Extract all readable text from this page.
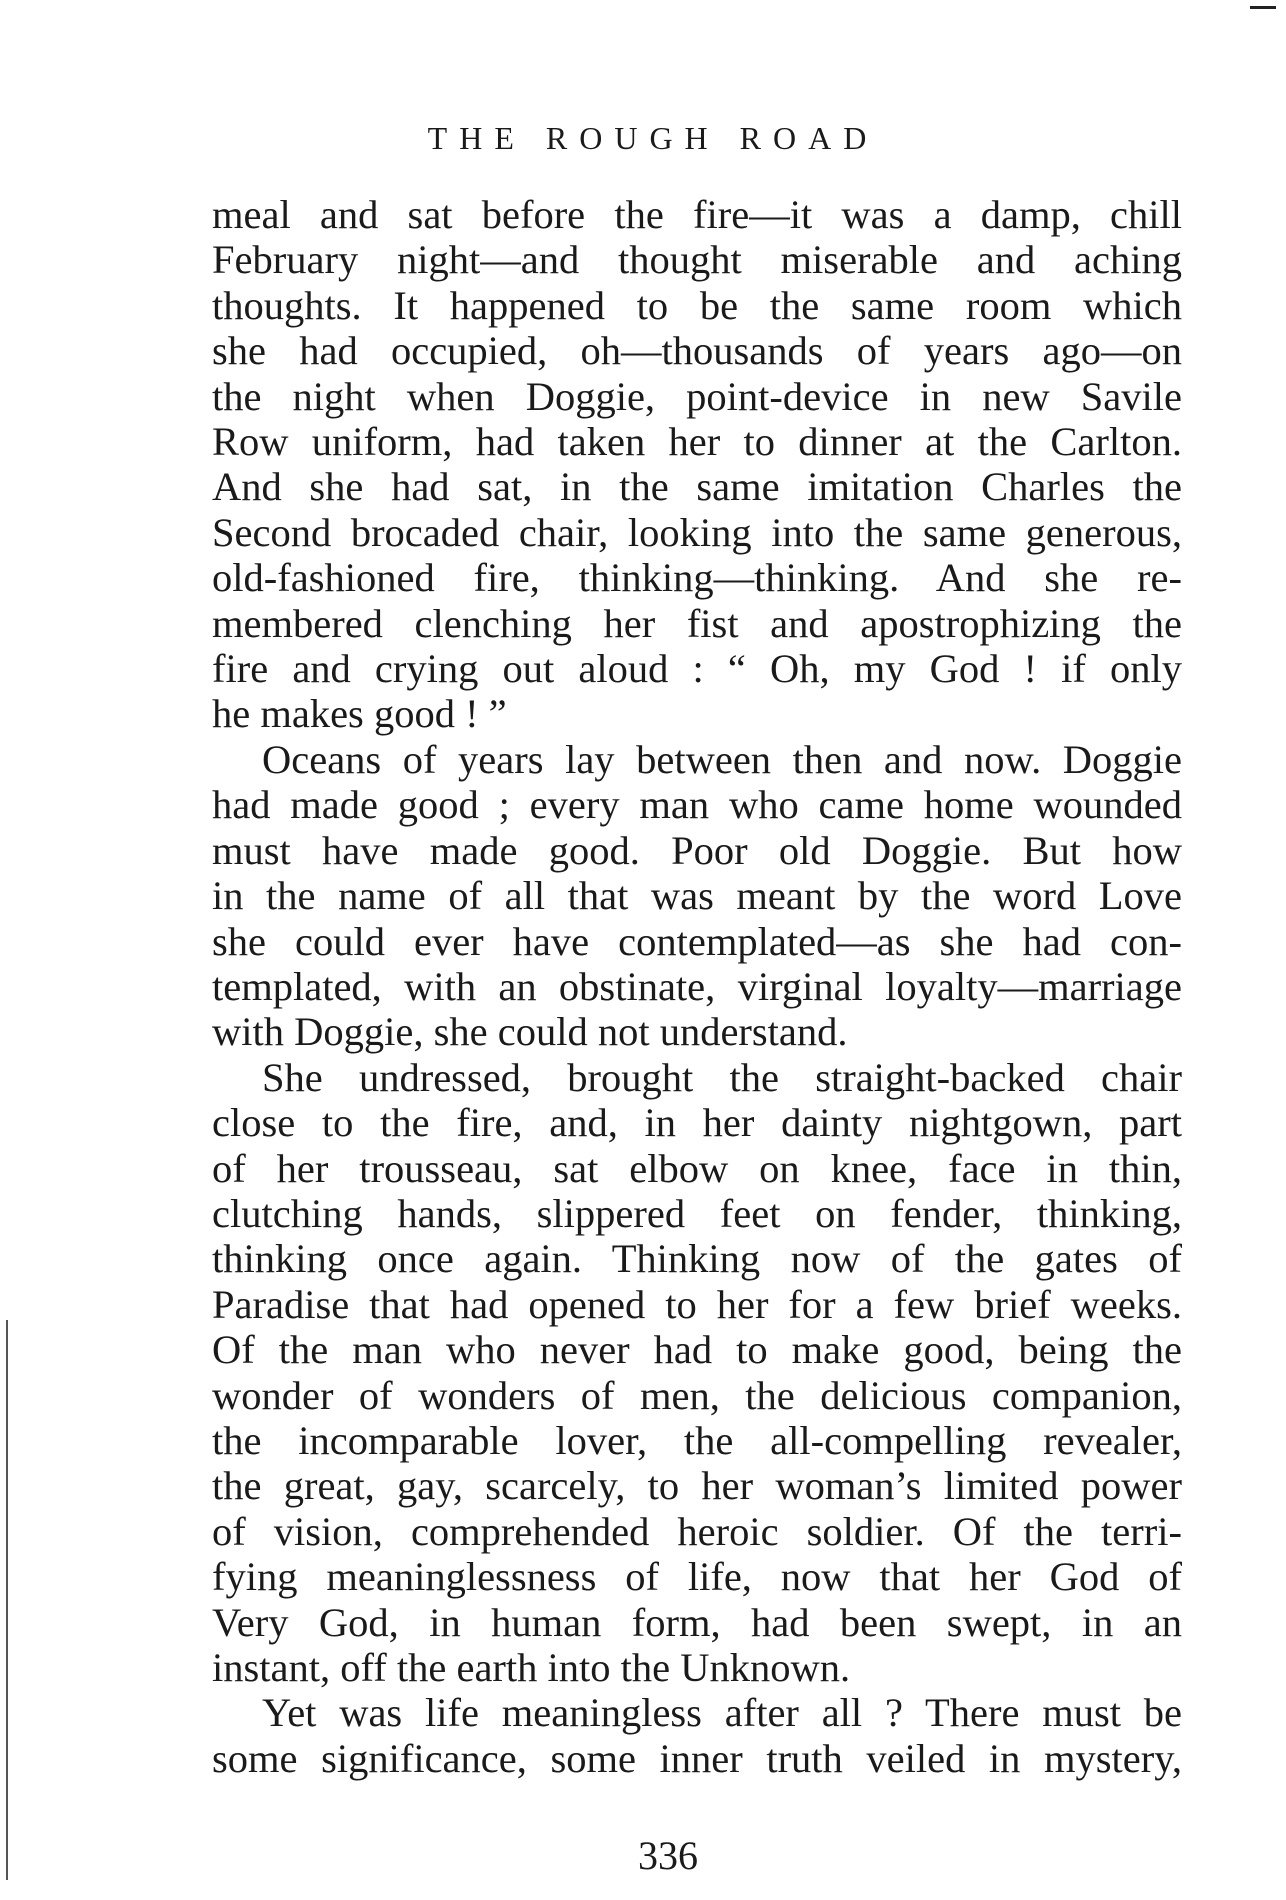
THE ROUGH ROAD
meal and sat before the fire—it was a damp, chill
February night—and thought miserable and aching
thoughts. It happened to be the same room which
she had occupied, oh—thousands of years ago—on
the night when Doggie, point-device in new Savile
Row uniform, had taken her to dinner at the Carlton.
And she had sat, in the same imitation Charles the
Second brocaded chair, looking into the same generous,
old-fashioned fire, thinking—thinking. And she re-
membered clenching her fist and apostrophizing the
fire and crying out aloud : “ Oh, my God ! if only
he makes good ! ”
Oceans of years lay between then and now. Doggie
had made good ; every man who came home wounded
must have made good. Poor old Doggie. But how
in the name of all that was meant by the word Love
she could ever have contemplated—as she had con-
templated, with an obstinate, virginal loyalty—marriage
with Doggie, she could not understand.
She undressed, brought the straight-backed chair
close to the fire, and, in her dainty nightgown, part
of her trousseau, sat elbow on knee, face in thin,
clutching hands, slippered feet on fender, thinking,
thinking once again. Thinking now of the gates of
Paradise that had opened to her for a few brief weeks.
Of the man who never had to make good, being the
wonder of wonders of men, the delicious companion,
the incomparable lover, the all-compelling revealer,
the great, gay, scarcely, to her woman’s limited power
of vision, comprehended heroic soldier. Of the terri-
fying meaninglessness of life, now that her God of
Very God, in human form, had been swept, in an
instant, off the earth into the Unknown.
Yet was life meaningless after all ? There must be
some significance, some inner truth veiled in mystery,
336
